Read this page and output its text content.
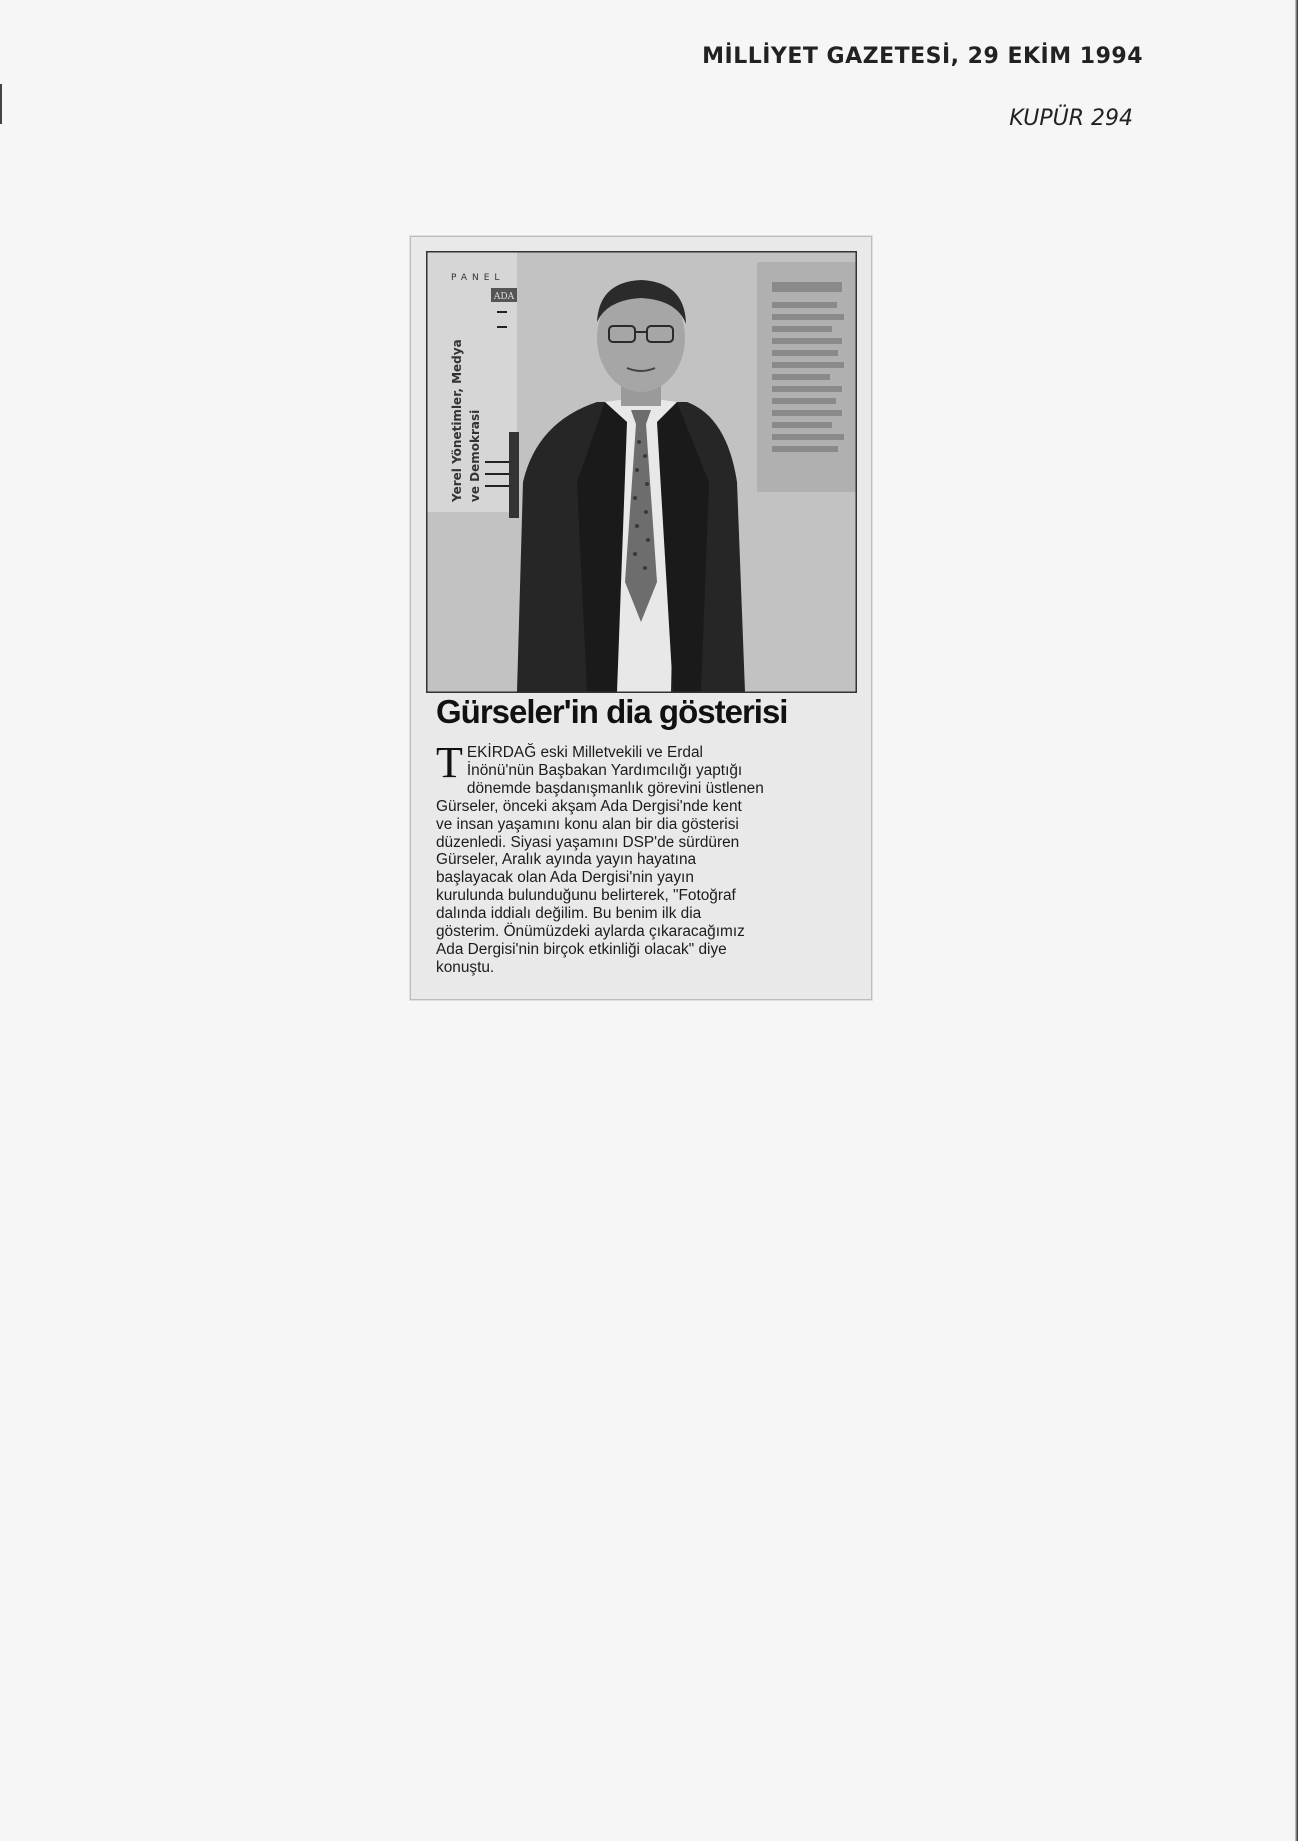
MİLLİYET GAZETESİ, 29 EKİM 1994
KUPÜR 294
PANEL
ADA
Yerel Yönetimler, Medya ve Demokrasi
Gürseler'in dia gösterisi
T EKİRDAĞ eski Milletvekili ve Erdal
İnönü'nün Başbakan Yardımcılığı yaptığı
dönemde başdanışmanlık görevini üstlenen
Gürseler, önceki akşam Ada Dergisi'nde kent
ve insan yaşamını konu alan bir dia gösterisi
düzenledi. Siyasi yaşamını DSP'de sürdüren
Gürseler, Aralık ayında yayın hayatına
başlayacak olan Ada Dergisi'nin yayın
kurulunda bulunduğunu belirterek, "Fotoğraf
dalında iddialı değilim. Bu benim ilk dia
gösterim. Önümüzdeki aylarda çıkaracağımız
Ada Dergisi'nin birçok etkinliği olacak" diye
konuştu.
